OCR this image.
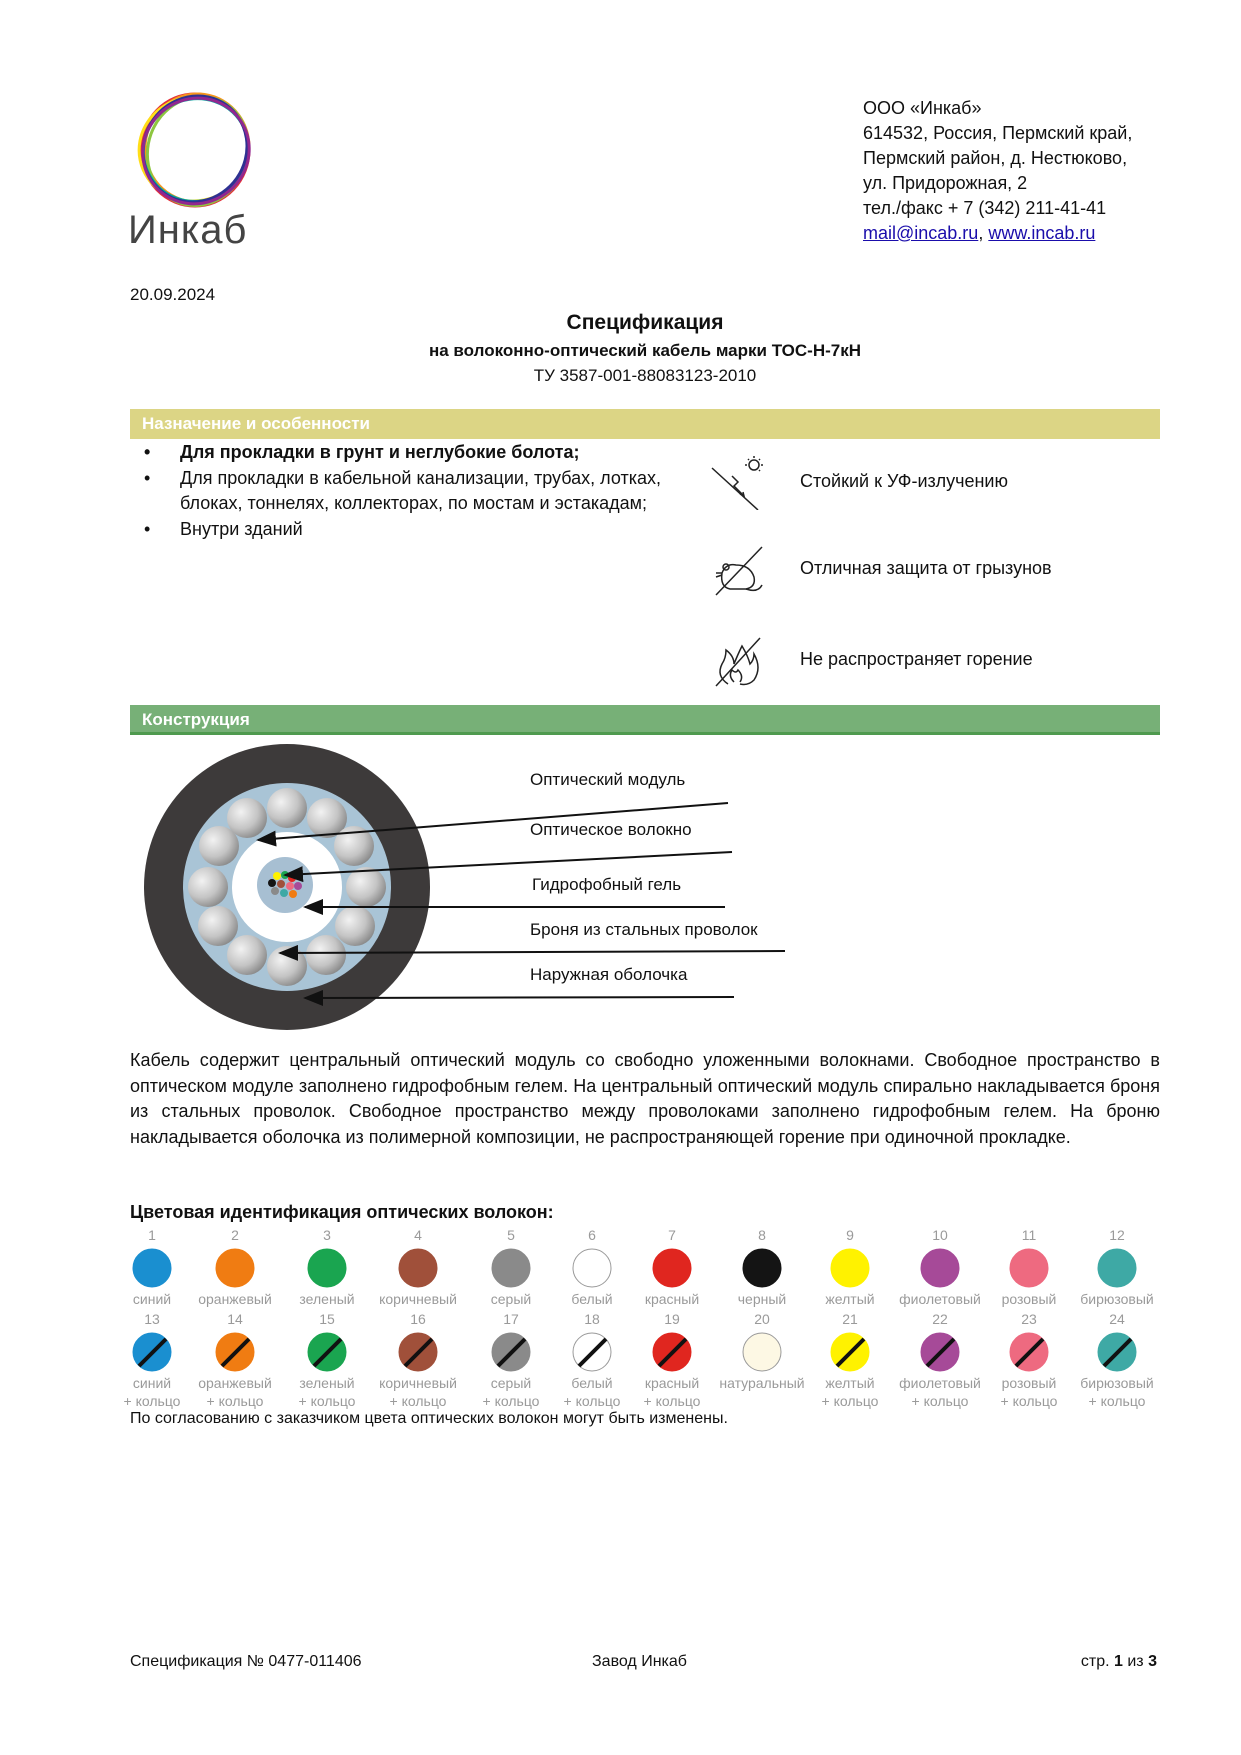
Инкаб
ООО «Инкаб»
614532, Россия, Пермский край,
Пермский район, д. Нестюково,
ул. Придорожная, 2
тел./факс + 7 (342) 211-41-41
mail@incab.ru, www.incab.ru
20.09.2024
Спецификация
на волоконно-оптический кабель марки ТОС-Н-7кН
ТУ 3587-001-88083123-2010
Назначение и особенности
• Для прокладки в грунт и неглубокие болота;
• Для прокладки в кабельной канализации, трубах, лотках, блоках, тоннелях, коллекторах, по мостам и эстакадам;
• Внутри зданий
Стойкий к УФ-излучению
Отличная защита от грызунов
Не распространяет горение
Конструкция
Оптический модуль
Оптическое волокно
Гидрофобный гель
Броня из стальных проволок
Наружная оболочка
Кабель содержит центральный оптический модуль со свободно уложенными волокнами. Свободное пространство в оптическом модуле заполнено гидрофобным гелем. На центральный оптический модуль спирально накладывается броня из стальных проволок. Свободное пространство между проволоками заполнено гидрофобным гелем. На броню накладывается оболочка из полимерной композиции, не распространяющей горение при одиночной прокладке.
Цветовая идентификация оптических волокон:
1
синий
2
оранжевый
3
зеленый
4
коричневый
5
серый
6
белый
7
красный
8
черный
9
желтый
10
фиолетовый
11
розовый
12
бирюзовый
13
синий
+ кольцо
14
оранжевый
+ кольцо
15
зеленый
+ кольцо
16
коричневый
+ кольцо
17
серый
+ кольцо
18
белый
+ кольцо
19
красный
+ кольцо
20
натуральный
21
желтый
+ кольцо
22
фиолетовый
+ кольцо
23
розовый
+ кольцо
24
бирюзовый
+ кольцо
По согласованию с заказчиком цвета оптических волокон могут быть изменены.
Спецификация № 0477-011406	Завод Инкаб	стр. 1 из 3
